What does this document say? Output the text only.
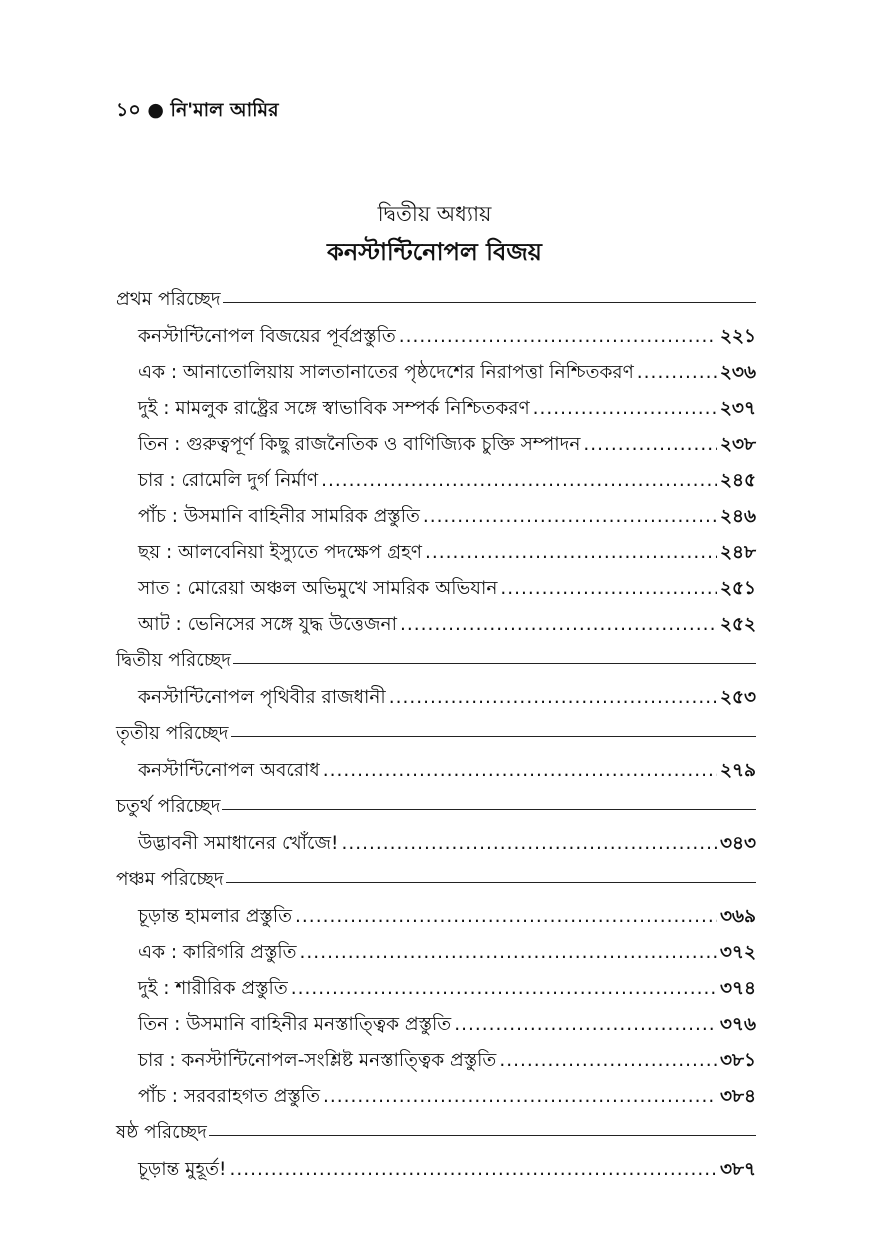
১০ ● নি'মাল আমির
দ্বিতীয় অধ্যায়
কনস্টান্টিনোপল বিজয়
প্রথম পরিচ্ছেদ
কনস্টান্টিনোপল বিজয়ের পূর্বপ্রস্তুতি .....	২২১
এক : আনাতোলিয়ায় সালতানাতের পৃষ্ঠদেশের নিরাপত্তা নিশ্চিতকরণ .....	২৩৬
দুই : মামলুক রাষ্ট্রের সঙ্গে স্বাভাবিক সম্পর্ক নিশ্চিতকরণ .....	২৩৭
তিন : গুরুত্বপূর্ণ কিছু রাজনৈতিক ও বাণিজ্যিক চুক্তি সম্পাদন .....	২৩৮
চার : রোমেলি দুর্গ নির্মাণ .....	২৪৫
পাঁচ : উসমানি বাহিনীর সামরিক প্রস্তুতি .....	২৪৬
ছয় : আলবেনিয়া ইস্যুতে পদক্ষেপ গ্রহণ .....	২৪৮
সাত : মোরেয়া অঞ্চল অভিমুখে সামরিক অভিযান .....	২৫১
আট : ভেনিসের সঙ্গে যুদ্ধ উত্তেজনা .....	২৫২
দ্বিতীয় পরিচ্ছেদ
কনস্টান্টিনোপল পৃথিবীর রাজধানী .....	২৫৩
তৃতীয় পরিচ্ছেদ
কনস্টান্টিনোপল অবরোধ .....	২৭৯
চতুর্থ পরিচ্ছেদ
উদ্ভাবনী সমাধানের খোঁজে! .....	৩৪৩
পঞ্চম পরিচ্ছেদ
চূড়ান্ত হামলার প্রস্তুতি .....	৩৬৯
এক : কারিগরি প্রস্তুতি .....	৩৭২
দুই : শারীরিক প্রস্তুতি .....	৩৭৪
তিন : উসমানি বাহিনীর মনস্তাত্ত্বিক প্রস্তুতি .....	৩৭৬
চার : কনস্টান্টিনোপল-সংশ্লিষ্ট মনস্তাত্ত্বিক প্রস্তুতি .....	৩৮১
পাঁচ : সরবরাহগত প্রস্তুতি .....	৩৮৪
ষষ্ঠ পরিচ্ছেদ
চূড়ান্ত মুহূর্ত! .....	৩৮৭
